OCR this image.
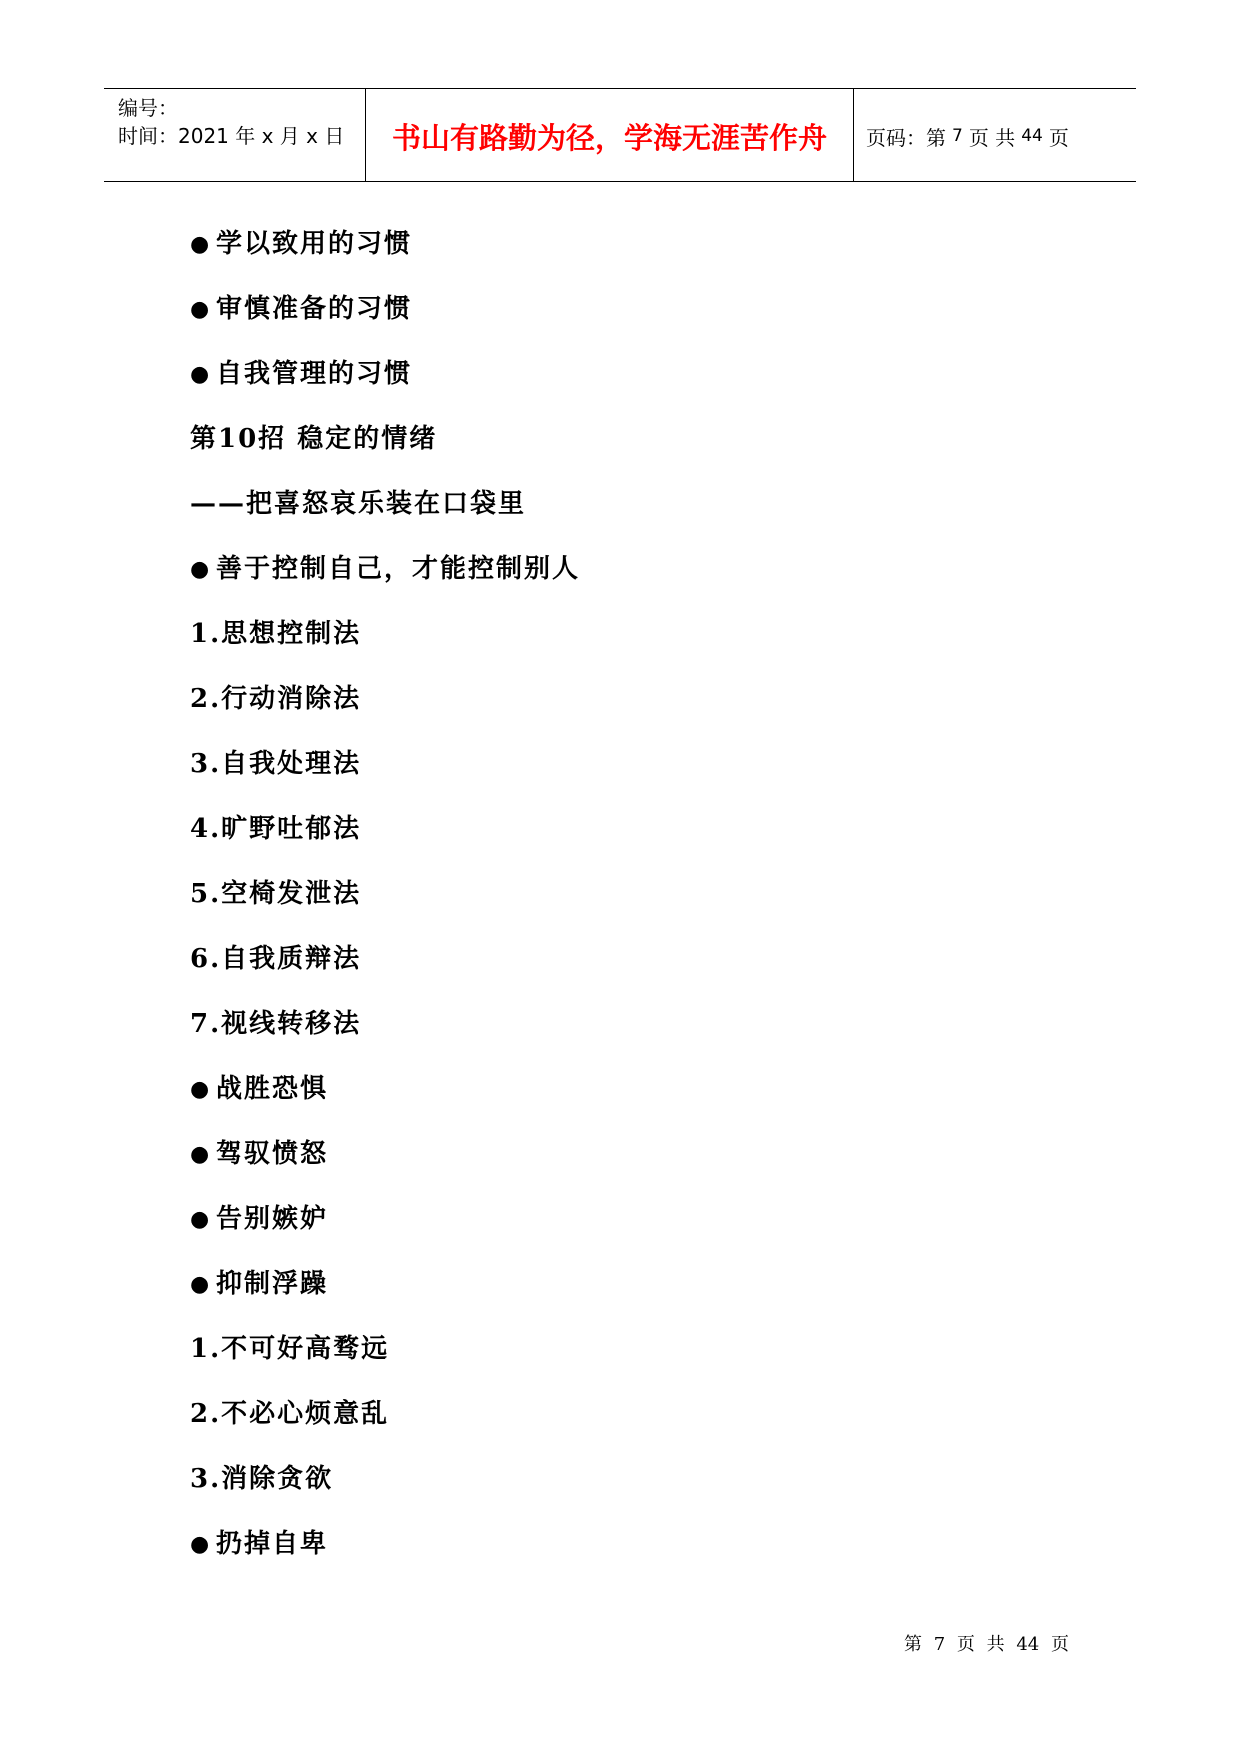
编号：
时间：2021 年 x 月 x 日	书山有路勤为径，学海无涯苦作舟	页码：第 7 页 共 44 页
● 学以致用的习惯
● 审慎准备的习惯
● 自我管理的习惯
第10招 稳定的情绪
——把喜怒哀乐装在口袋里
● 善于控制自己，才能控制别人
1.思想控制法
2.行动消除法
3.自我处理法
4.旷野吐郁法
5.空椅发泄法
6.自我质辩法
7.视线转移法
● 战胜恐惧
● 驾驭愤怒
● 告别嫉妒
● 抑制浮躁
1.不可好高骛远
2.不必心烦意乱
3.消除贪欲
● 扔掉自卑
第 7 页 共 44 页
